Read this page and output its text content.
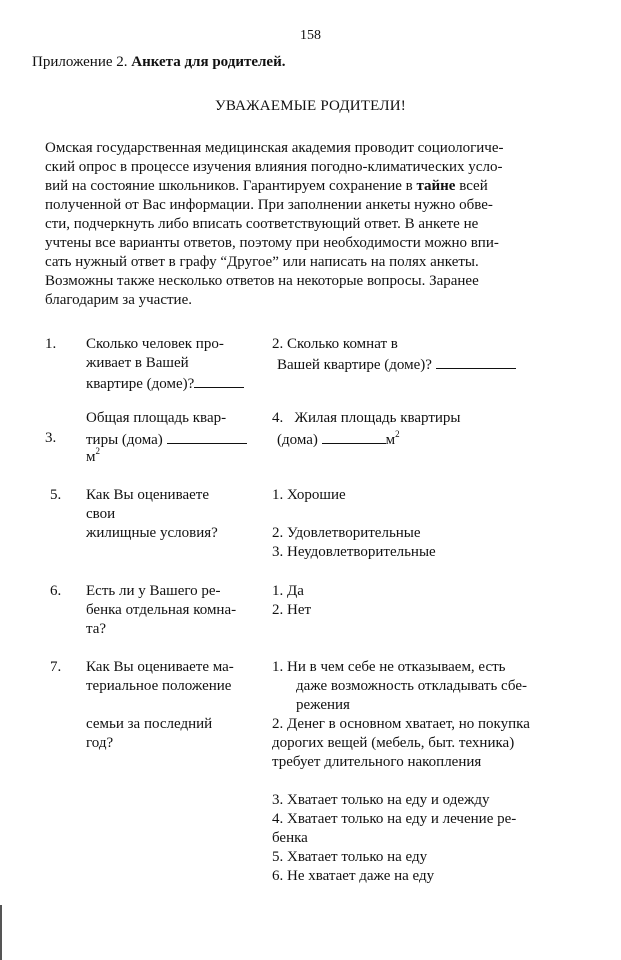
158
Приложение 2. Анкета для родителей.
УВАЖАЕМЫЕ РОДИТЕЛИ!
Омская государственная медицинская академия проводит социологиче-
ский опрос в процессе изучения влияния погодно-климатических усло-
вий на состояние школьников. Гарантируем сохранение в тайне всей
полученной от Вас информации. При заполнении анкеты нужно обве-
сти, подчеркнуть либо вписать соответствующий ответ. В анкете не
учтены все варианты ответов, поэтому при необходимости можно впи-
сать нужный ответ в графу “Другое” или написать на полях анкеты.
Возможны также несколько ответов на некоторые вопросы. Заранее
благодарим за участие.
1. Сколько человек про-
живает в Вашей
квартире (доме)?
2. Сколько комнат в
Вашей квартире (доме)?
Общая площадь квар-
3. тиры (дома)
$м^2$
4. Жилая площадь квартиры
(дома)	$м^2$
5. Как Вы оцениваете
свои
жилищные условия?
1. Хорошие
2. Удовлетворительные
3. Неудовлетворительные
6. Есть ли у Вашего ре-
бенка отдельная комна-
та?
1. Да
2. Нет
7. Как Вы оцениваете ма-
териальное положение
семьи за последний
год?
1. Ни в чем себе не отказываем, есть
даже возможность откладывать сбе-
режения
2. Денег в основном хватает, но покупка
дорогих вещей (мебель, быт. техника)
требует длительного накопления
3. Хватает только на еду и одежду
4. Хватает только на еду и лечение ре-
бенка
5. Хватает только на еду
6. Не хватает даже на еду
